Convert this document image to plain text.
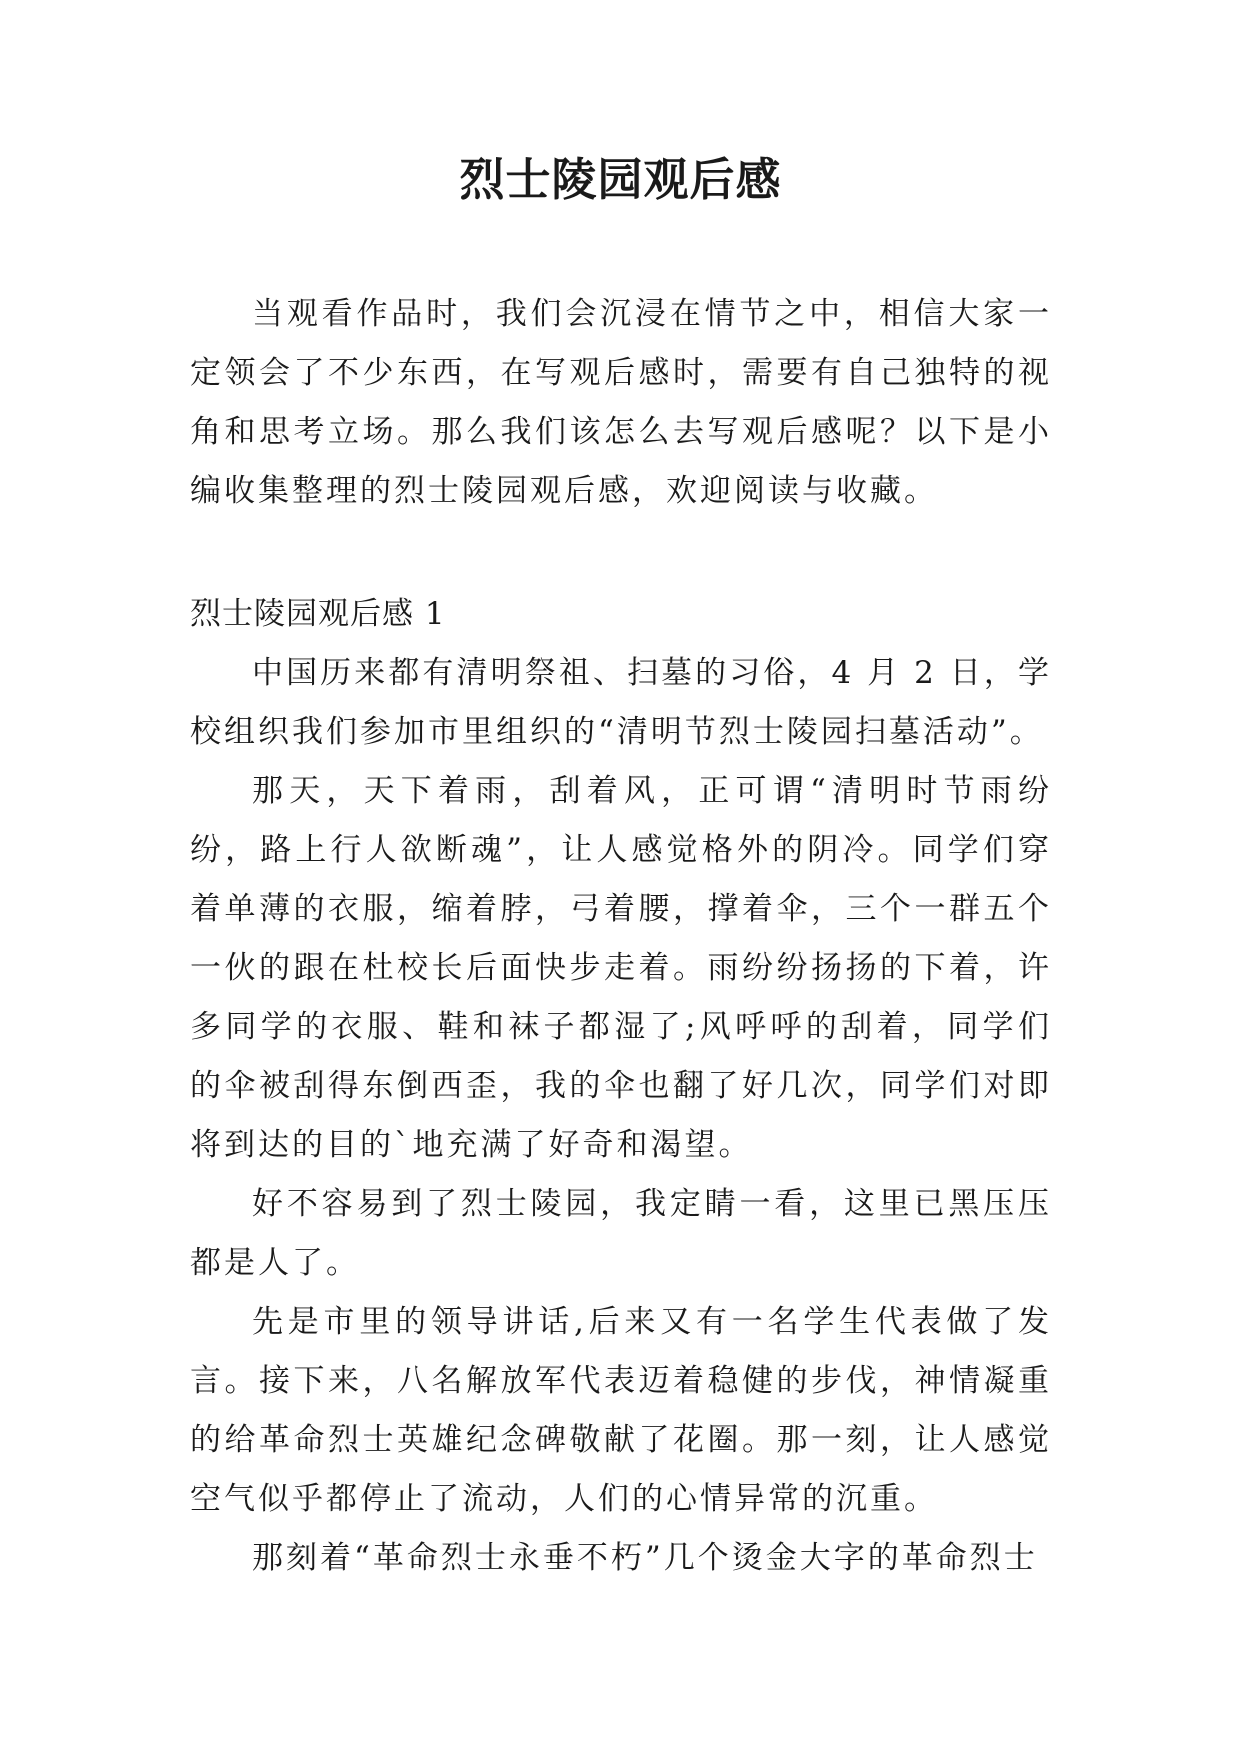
烈士陵园观后感

当观看作品时，我们会沉浸在情节之中，相信大家一定领会了不少东西，在写观后感时，需要有自己独特的视角和思考立场。那么我们该怎么去写观后感呢？以下是小编收集整理的烈士陵园观后感，欢迎阅读与收藏。

烈士陵园观后感 1

中国历来都有清明祭祖、扫墓的习俗，4 月 2 日，学校组织我们参加市里组织的“清明节烈士陵园扫墓活动”。

那天，天下着雨，刮着风，正可谓“清明时节雨纷纷，路上行人欲断魂”，让人感觉格外的阴冷。同学们穿着单薄的衣服，缩着脖，弓着腰，撑着伞，三个一群五个一伙的跟在杜校长后面快步走着。雨纷纷扬扬的下着，许多同学的衣服、鞋和袜子都湿了;风呼呼的刮着，同学们的伞被刮得东倒西歪，我的伞也翻了好几次，同学们对即将到达的目的`地充满了好奇和渴望。

好不容易到了烈士陵园，我定睛一看，这里已黑压压都是人了。

先是市里的领导讲话,后来又有一名学生代表做了发言。接下来，八名解放军代表迈着稳健的步伐，神情凝重的给革命烈士英雄纪念碑敬献了花圈。那一刻，让人感觉空气似乎都停止了流动，人们的心情异常的沉重。

那刻着“革命烈士永垂不朽”几个烫金大字的革命烈士
